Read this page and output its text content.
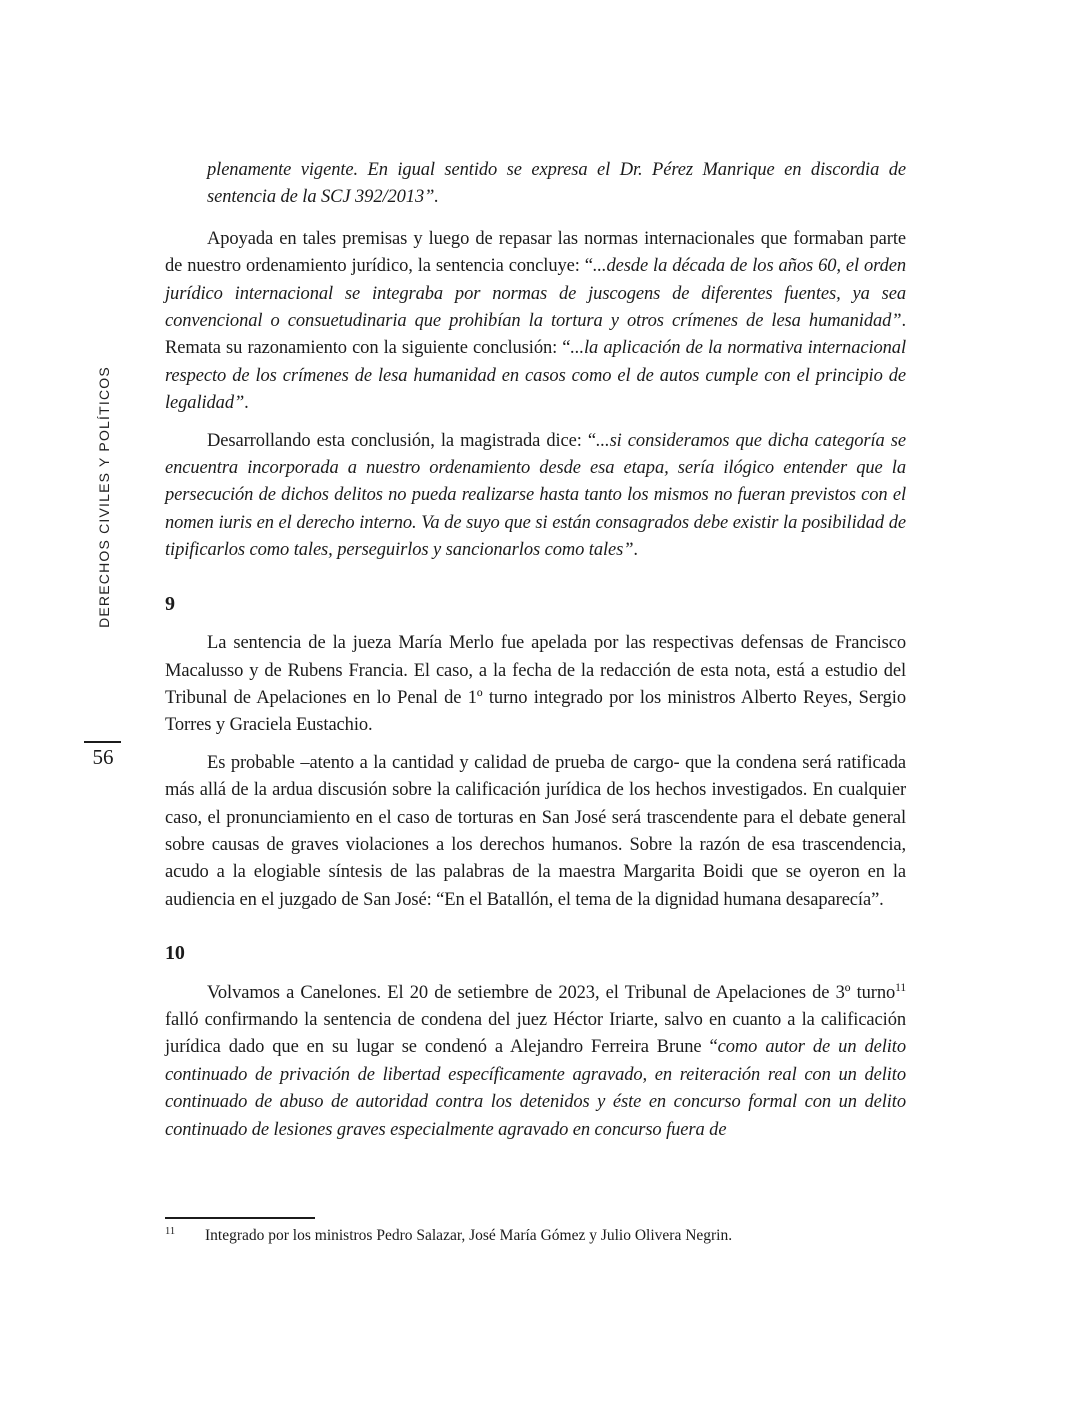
DERECHOS CIVILES Y POLÍTICOS
56

plenamente vigente. En igual sentido se expresa el Dr. Pérez Manrique en discordia de sentencia de la SCJ 392/2013”.

Apoyada en tales premisas y luego de repasar las normas internacionales que formaban parte de nuestro ordenamiento jurídico, la sentencia concluye: “...desde la década de los años 60, el orden jurídico internacional se integraba por normas de juscogens de diferentes fuentes, ya sea convencional o consuetudinaria que prohibían la tortura y otros crímenes de lesa humanidad”. Remata su razonamiento con la siguiente conclusión: “...la aplicación de la normativa internacional respecto de los crímenes de lesa humanidad en casos como el de autos cumple con el principio de legalidad”.

Desarrollando esta conclusión, la magistrada dice: “...si consideramos que dicha categoría se encuentra incorporada a nuestro ordenamiento desde esa etapa, sería ilógico entender que la persecución de dichos delitos no pueda realizarse hasta tanto los mismos no fueran previstos con el nomen iuris en el derecho interno. Va de suyo que si están consagrados debe existir la posibilidad de tipificarlos como tales, perseguirlos y sancionarlos como tales”.

9

La sentencia de la jueza María Merlo fue apelada por las respectivas defensas de Francisco Macalusso y de Rubens Francia. El caso, a la fecha de la redacción de esta nota, está a estudio del Tribunal de Apelaciones en lo Penal de 1º turno integrado por los ministros Alberto Reyes, Sergio Torres y Graciela Eustachio.

Es probable –atento a la cantidad y calidad de prueba de cargo- que la condena será ratificada más allá de la ardua discusión sobre la calificación jurídica de los hechos investigados. En cualquier caso, el pronunciamiento en el caso de torturas en San José será trascendente para el debate general sobre causas de graves violaciones a los derechos humanos. Sobre la razón de esa trascendencia, acudo a la elogiable síntesis de las palabras de la maestra Margarita Boidi que se oyeron en la audiencia en el juzgado de San José: “En el Batallón, el tema de la dignidad humana desaparecía”.

10

Volvamos a Canelones. El 20 de setiembre de 2023, el Tribunal de Apelaciones de 3º turno$^{11}$ falló confirmando la sentencia de condena del juez Héctor Iriarte, salvo en cuanto a la calificación jurídica dado que en su lugar se condenó a Alejandro Ferreira Brune “como autor de un delito continuado de privación de libertad específicamente agravado, en reiteración real con un delito continuado de abuso de autoridad contra los detenidos y éste en concurso formal con un delito continuado de lesiones graves especialmente agravado en concurso fuera de

11 Integrado por los ministros Pedro Salazar, José María Gómez y Julio Olivera Negrin.
